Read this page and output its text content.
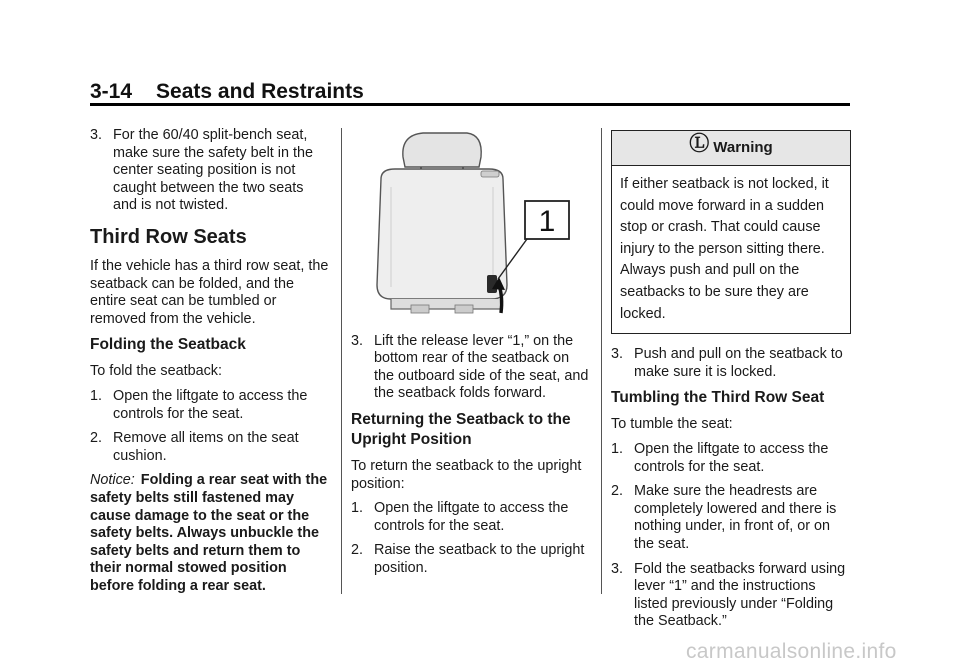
3-14 Seats and Restraints
3. For the 60/40 split-bench seat, make sure the safety belt in the center seating position is not caught between the two seats and is not twisted.
Third Row Seats

If the vehicle has a third row seat, the seatback can be folded, and the entire seat can be tumbled or removed from the vehicle.

Folding the Seatback

To fold the seatback:

1. Open the liftgate to access the controls for the seat.
2. Remove all items on the seat cushion.

Notice: Folding a rear seat with the safety belts still fastened may cause damage to the seat or the safety belts. Always unbuckle the safety belts and return them to their normal stowed position before folding a rear seat.

1
3. Lift the release lever “1,” on the bottom rear of the seatback on the outboard side of the seat, and the seatback folds forward.
Returning the Seatback to the Upright Position

To return the seatback to the upright position:

1. Open the liftgate to access the controls for the seat.
2. Raise the seatback to the upright position.
Ⓛ Warning
If either seatback is not locked, it could move forward in a sudden stop or crash. That could cause injury to the person sitting there. Always push and pull on the seatbacks to be sure they are locked.
3. Push and pull on the seatback to make sure it is locked.
Tumbling the Third Row Seat

To tumble the seat:

1. Open the liftgate to access the controls for the seat.
2. Make sure the headrests are completely lowered and there is nothing under, in front of, or on the seat.
3. Fold the seatbacks forward using lever “1” and the instructions listed previously under “Folding the Seatback.”
carmanualsonline.info
